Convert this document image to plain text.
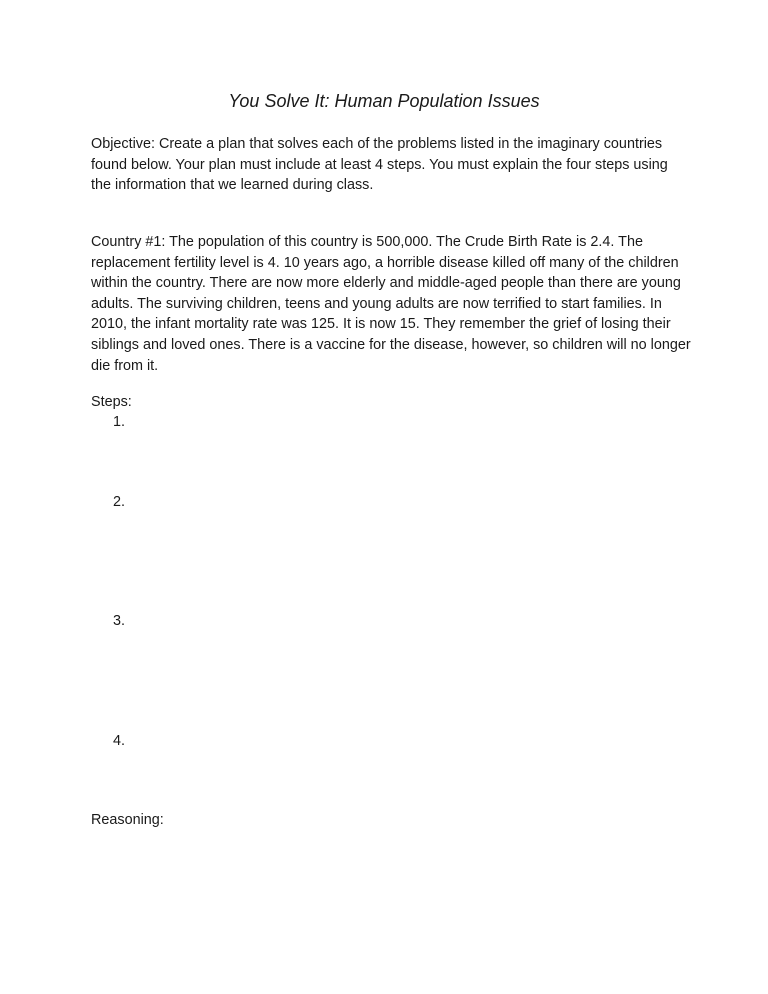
You Solve It: Human Population Issues

Objective: Create a plan that solves each of the problems listed in the imaginary countries found below. Your plan must include at least 4 steps. You must explain the four steps using the information that we learned during class.

Country #1: The population of this country is 500,000. The Crude Birth Rate is 2.4. The replacement fertility level is 4. 10 years ago, a horrible disease killed off many of the children within the country. There are now more elderly and middle-aged people than there are young adults. The surviving children, teens and young adults are now terrified to start families. In 2010, the infant mortality rate was 125. It is now 15. They remember the grief of losing their siblings and loved ones. There is a vaccine for the disease, however, so children will no longer die from it.

Steps:

1.
2.
3.
4.

Reasoning:
